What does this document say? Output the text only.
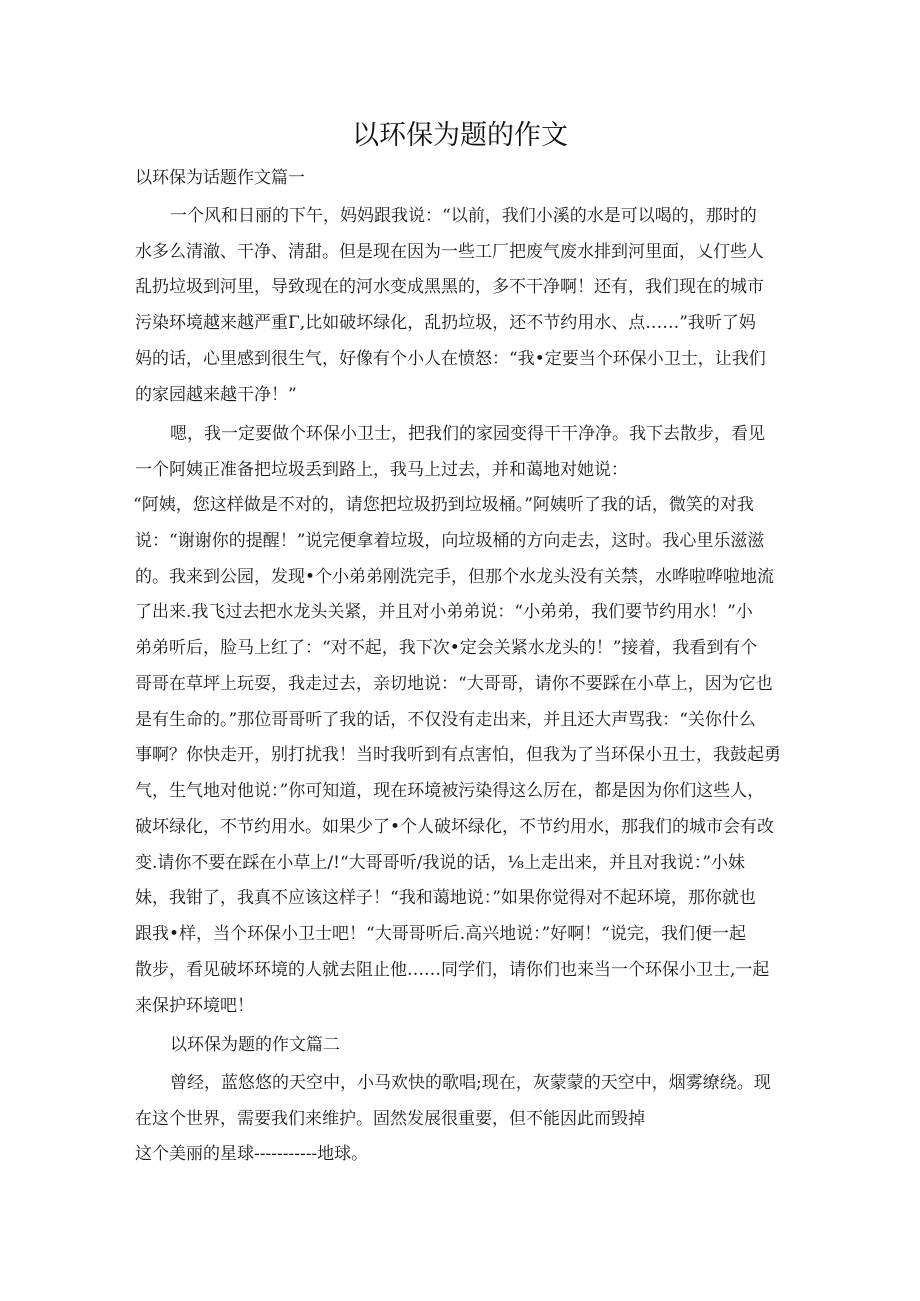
以环保为题的作文
以环保为话题作文篇一
一个风和日丽的下午，妈妈跟我说：“以前，我们小溪的水是可以喝的，那时的
水多么清澈、干净、清甜。但是现在因为一些工厂把废气废水排到河里面，乂仃些人
乱扔垃圾到河里，导致现在的河水变成黑黑的，多不干净啊！还有，我们现在的城市
污染环境越来越严重Γ,比如破坏绿化，乱扔垃圾，还不节约用水、点……”我听了妈
妈的话，心里感到很生气，好像有个小人在愤怒：“我•定要当个环保小卫士，让我们
的家园越来越干净！”
嗯，我一定要做个环保小卫士，把我们的家园变得干干净净。我下去散步，看见
一个阿姨正准备把垃圾丢到路上，我马上过去，并和蔼地对她说：
“阿姨，您这样做是不对的，请您把垃圾扔到垃圾桶。”阿姨听了我的话，微笑的对我
说：“谢谢你的提醒！”说完便拿着垃圾，向垃圾桶的方向走去，这时。我心里乐滋滋
的。我来到公园，发现•个小弟弟刚洗完手，但那个水龙头没有关禁，水哗啦哗啦地流
了出来.我飞过去把水龙头关紧，并且对小弟弟说：“小弟弟，我们要节约用水！”小
弟弟听后，脸马上红了：“对不起，我下次•定会关紧水龙头的！”接着，我看到有个
哥哥在草坪上玩耍，我走过去，亲切地说：“大哥哥，请你不要踩在小草上，因为它也
是有生命的。”那位哥哥听了我的话，不仅没有走出来，并且还大声骂我：“关你什么
事啊？你快走开，别打扰我！当时我听到有点害怕，但我为了当环保小丑士，我鼓起勇
气，生气地对他说：”你可知道，现在环境被污染得这么厉在，都是因为你们这些人，
破坏绿化，不节约用水。如果少了•个人破坏绿化，不节约用水，那我们的城市会有改
变.请你不要在踩在小草上/!“大哥哥听/我说的话，⅛上走出来，并且对我说：”小妹
妹，我钳了，我真不应该这样子！“我和蔼地说：”如果你觉得对不起环境，那你就也
跟我•样，当个环保小卫士吧！“大哥哥听后.高兴地说：”好啊！“说完，我们便一起
散步，看见破坏环境的人就去阻止他……同学们，请你们也来当一个环保小卫士,一起
来保护环境吧！
以环保为题的作文篇二
曾经，蓝悠悠的天空中，小马欢快的歌唱;现在，灰蒙蒙的天空中，烟雾缭绕。现
在这个世界，需要我们来维护。固然发展很重要，但不能因此而毁掉
这个美丽的星球-----------地球。
